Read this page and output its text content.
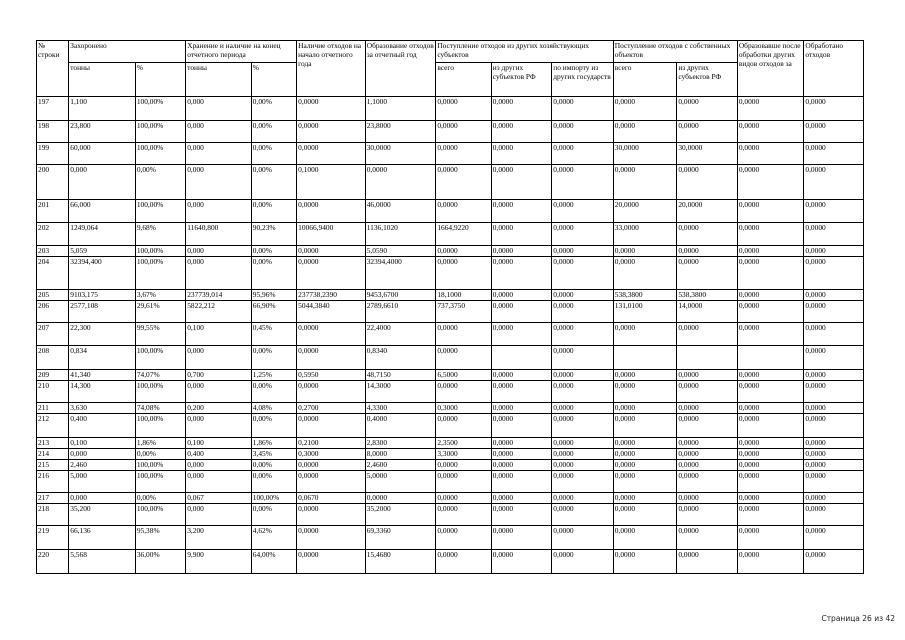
№ строки	Захоронено		Хранение и наличие на конец отчетного периода		Наличие отходов на начало отчетного года	Образование отходов за отчетный год	Поступление отходов из других хозяйствующих субъектов			Поступление отходов с собственных объектов		Образовавше после обработки других видов отходов за	Обработано отходов
	тонны	%	тонны	%			всего	из других субъектов РФ	по импорту из других государств	всего	из других субъектов РФ		
197	1,100	100,00%	0,000	0,00%	0,0000	1,1000	0,0000	0,0000	0,0000	0,0000	0,0000	0,0000	0,0000
198	23,800	100,00%	0,000	0,00%	0,0000	23,8000	0,0000	0,0000	0,0000	0,0000	0,0000	0,0000	0,0000
199	60,000	100,00%	0,000	0,00%	0,0000	30,0000	0,0000	0,0000	0,0000	30,0000	30,0000	0,0000	0,0000
200	0,000	0,00%	0,000	0,00%	0,1000	0,0000	0,0000	0,0000	0,0000	0,0000	0,0000	0,0000	0,0000
201	66,000	100,00%	0,000	0,00%	0,0000	46,0000	0,0000	0,0000	0,0000	20,0000	20,0000	0,0000	0,0000
202	1249,064	9,68%	11640,800	90,23%	10066,9400	1136,1020	1664,9220	0,0000	0,0000	33,0000	0,0000	0,0000	0,0000
203	5,059	100,00%	0,000	0,00%	0,0000	5,0590	0,0000	0,0000	0,0000	0,0000	0,0000	0,0000	0,0000
204	32394,400	100,00%	0,000	0,00%	0,0000	32394,4000	0,0000	0,0000	0,0000	0,0000	0,0000	0,0000	0,0000
205	9103,175	3,67%	237739,014	95,96%	237738,2390	9453,6700	18,1000	0,0000	0,0000	538,3800	538,3800	0,0000	0,0000
206	2577,108	29,61%	5822,212	66,90%	5044,3840	2789,6610	737,3750	0,0000	0,0000	131,0100	14,0000	0,0000	0,0000
207	22,300	99,55%	0,100	0,45%	0,0000	22,4000	0,0000	0,0000	0,0000	0,0000	0,0000	0,0000	0,0000
208	0,834	100,00%	0,000	0,00%	0,0000	0,8340	0,0000		0,0000				0,0000
209	41,340	74,07%	0,700	1,25%	0,5950	48,7150	6,5000	0,0000	0,0000	0,0000	0,0000	0,0000	0,0000
210	14,300	100,00%	0,000	0,00%	0,0000	14,3000	0,0000	0,0000	0,0000	0,0000	0,0000	0,0000	0,0000
211	3,630	74,08%	0,200	4,08%	0,2700	4,3300	0,3000	0,0000	0,0000	0,0000	0,0000	0,0000	0,0000
212	0,400	100,00%	0,000	0,00%	0,0000	0,4000	0,0000	0,0000	0,0000	0,0000	0,0000	0,0000	0,0000
213	0,100	1,86%	0,100	1,86%	0,2100	2,8300	2,3500	0,0000	0,0000	0,0000	0,0000	0,0000	0,0000
214	0,000	0,00%	0,400	3,45%	0,3000	8,0000	3,3000	0,0000	0,0000	0,0000	0,0000	0,0000	0,0000
215	2,460	100,00%	0,000	0,00%	0,0000	2,4600	0,0000	0,0000	0,0000	0,0000	0,0000	0,0000	0,0000
216	5,000	100,00%	0,000	0,00%	0,0000	5,0000	0,0000	0,0000	0,0000	0,0000	0,0000	0,0000	0,0000
217	0,000	0,00%	0,067	100,00%	0,0670	0,0000	0,0000	0,0000	0,0000	0,0000	0,0000	0,0000	0,0000
218	35,200	100,00%	0,000	0,00%	0,0000	35,2000	0,0000	0,0000	0,0000	0,0000	0,0000	0,0000	0,0000
219	66,136	95,38%	3,200	4,62%	0,0000	69,3360	0,0000	0,0000	0,0000	0,0000	0,0000	0,0000	0,0000
220	5,568	36,00%	9,900	64,00%	0,0000	15,4680	0,0000	0,0000	0,0000	0,0000	0,0000	0,0000	0,0000
Страница 26 из 42
